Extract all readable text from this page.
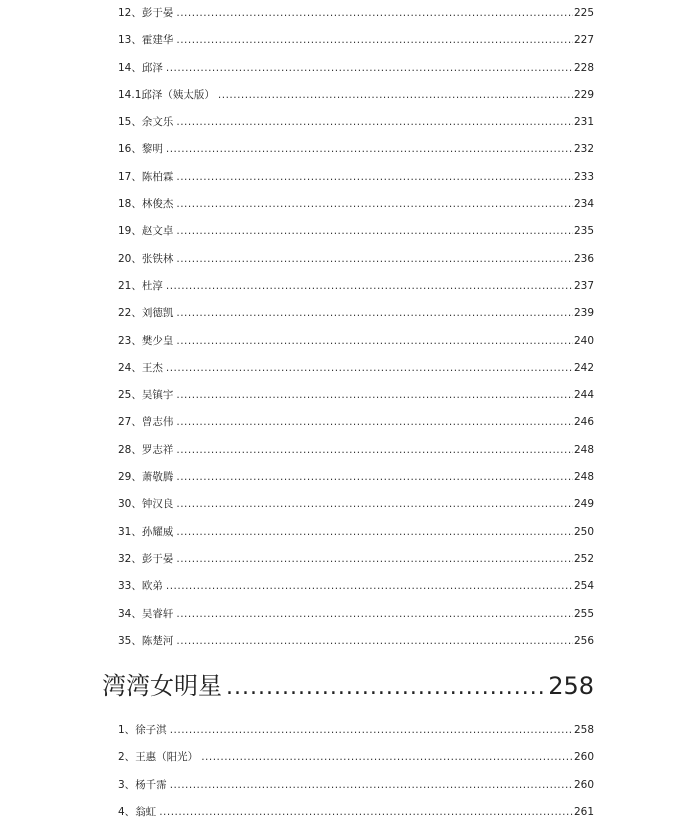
12、 彭于晏 .....	225
13、 霍建华 .....	227
14、 邱泽 .....	228
14.1 邱泽（姨太版） .....	229
15、 余文乐 .....	231
16、 黎明 .....	232
17、 陈柏霖 .....	233
18、 林俊杰 .....	234
19、 赵文卓 .....	235
20、 张铁林 .....	236
21、 杜淳 .....	237
22、 刘德凯 .....	239
23、 樊少皇 .....	240
24、 王杰 .....	242
25、 吴镇宇 .....	244
27、 曾志伟 .....	246
28、 罗志祥 .....	248
29、 萧敬腾 .....	248
30、 钟汉良 .....	249
31、 孙耀威 .....	250
32、 彭于晏 .....	252
33、 欧弟 .....	254
34、 吴睿轩 .....	255
35、 陈楚河 .....	256
湾湾女明星 .....	258
1、 徐子淇 .....	258
2、 王惠（阳光） .....	260
3、 杨千霈 .....	260
4、 翁虹 .....	261
